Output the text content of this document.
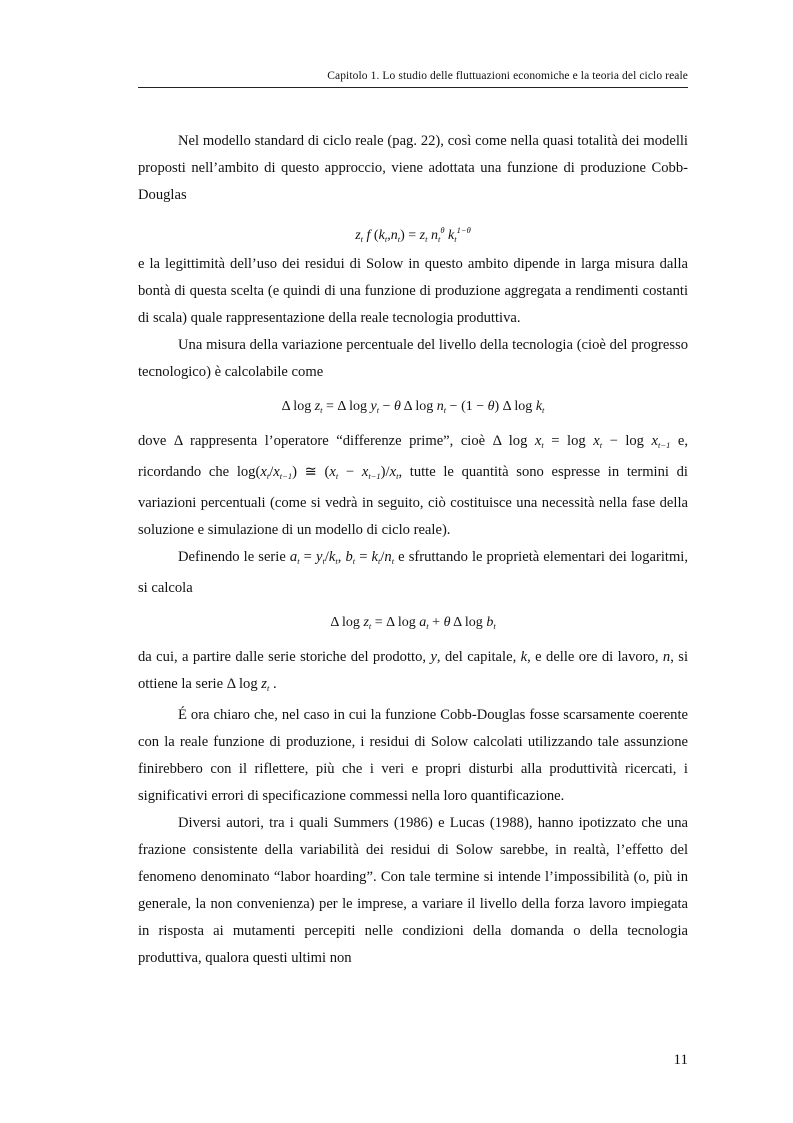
Capitolo 1. Lo studio delle fluttuazioni economiche e la teoria del ciclo reale

Nel modello standard di ciclo reale (pag. 22), così come nella quasi totalità dei modelli proposti nell’ambito di questo approccio, viene adottata una funzione di produzione Cobb-Douglas

$z_t$ f $(k_t,n_t) = z_t$ $n_t^\theta$ $k_t^{1-\theta}$

e la legittimità dell’uso dei residui di Solow in questo ambito dipende in larga misura dalla bontà di questa scelta (e quindi di una funzione di produzione aggregata a rendimenti costanti di scala) quale rappresentazione della reale tecnologia produttiva.

Una misura della variazione percentuale del livello della tecnologia (cioè del progresso tecnologico) è calcolabile come

Δ $\log z_t = \Delta$ $\log y_t - \theta$ Δ $\log n_t - (1 - \theta)$ Δ $\log k_t$

dove Δ rappresenta l’operatore “differenze prime”, cioè Δ $\log x_t = \log x_t - \log x_{t-1}$ e, ricordando che $\log(x_t/x_{t-1})$ ≅ $(x_t - x_{t-1})/x_t$, tutte le quantità sono espresse in termini di variazioni percentuali (come si vedrà in seguito, ciò costituisce una necessità nella fase della soluzione e simulazione di un modello di ciclo reale).

Definendo le serie $a_t = y_t/k_t$, $b_t = k_t/n_t$ e sfruttando le proprietà elementari dei logaritmi, si calcola

Δ $\log z_t = \Delta$ $\log a_t + \theta$ Δ $\log b_t$

da cui, a partire dalle serie storiche del prodotto, y, del capitale, k, e delle ore di lavoro, n, si ottiene la serie Δ $\log z_t$ .

É ora chiaro che, nel caso in cui la funzione Cobb-Douglas fosse scarsamente coerente con la reale funzione di produzione, i residui di Solow calcolati utilizzando tale assunzione finirebbero con il riflettere, più che i veri e propri disturbi alla produttività ricercati, i significativi errori di specificazione commessi nella loro quantificazione.

Diversi autori, tra i quali Summers (1986) e Lucas (1988), hanno ipotizzato che una frazione consistente della variabilità dei residui di Solow sarebbe, in realtà, l’effetto del fenomeno denominato “labor hoarding”. Con tale termine si intende l’impossibilità (o, più in generale, la non convenienza) per le imprese, a variare il livello della forza lavoro impiegata in risposta ai mutamenti percepiti nelle condizioni della domanda o della tecnologia produttiva, qualora questi ultimi non

11
